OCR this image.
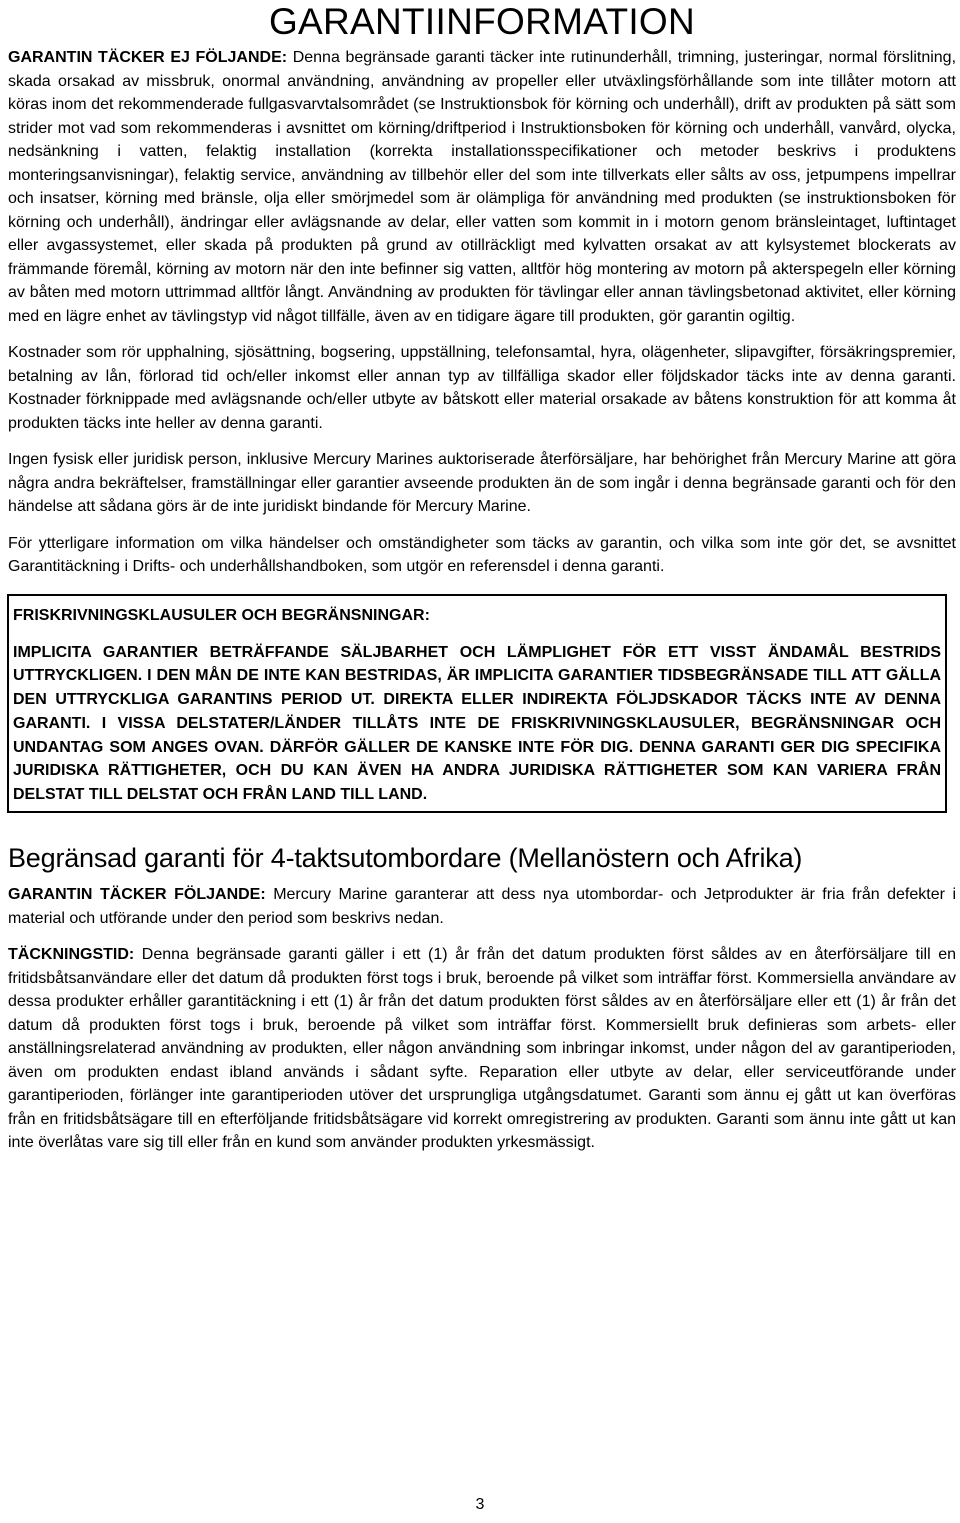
GARANTIINFORMATION

GARANTIN TÄCKER EJ FÖLJANDE: Denna begränsade garanti täcker inte rutinunderhåll, trimning, justeringar, normal förslitning, skada orsakad av missbruk, onormal användning, användning av propeller eller utväxlingsförhållande som inte tillåter motorn att köras inom det rekommenderade fullgasvarvtalsområdet (se Instruktionsbok för körning och underhåll), drift av produkten på sätt som strider mot vad som rekommenderas i avsnittet om körning/driftperiod i Instruktionsboken för körning och underhåll, vanvård, olycka, nedsänkning i vatten, felaktig installation (korrekta installationsspecifikationer och metoder beskrivs i produktens monteringsanvisningar), felaktig service, användning av tillbehör eller del som inte tillverkats eller sålts av oss, jetpumpens impellrar och insatser, körning med bränsle, olja eller smörjmedel som är olämpliga för användning med produkten (se instruktionsboken för körning och underhåll), ändringar eller avlägsnande av delar, eller vatten som kommit in i motorn genom bränsleintaget, luftintaget eller avgassystemet, eller skada på produkten på grund av otillräckligt med kylvatten orsakat av att kylsystemet blockerats av främmande föremål, körning av motorn när den inte befinner sig vatten, alltför hög montering av motorn på akterspegeln eller körning av båten med motorn uttrimmad alltför långt. Användning av produkten för tävlingar eller annan tävlingsbetonad aktivitet, eller körning med en lägre enhet av tävlingstyp vid något tillfälle, även av en tidigare ägare till produkten, gör garantin ogiltig.

Kostnader som rör upphalning, sjösättning, bogsering, uppställning, telefonsamtal, hyra, olägenheter, slipavgifter, försäkringspremier, betalning av lån, förlorad tid och/eller inkomst eller annan typ av tillfälliga skador eller följdskador täcks inte av denna garanti. Kostnader förknippade med avlägsnande och/eller utbyte av båtskott eller material orsakade av båtens konstruktion för att komma åt produkten täcks inte heller av denna garanti.

Ingen fysisk eller juridisk person, inklusive Mercury Marines auktoriserade återförsäljare, har behörighet från Mercury Marine att göra några andra bekräftelser, framställningar eller garantier avseende produkten än de som ingår i denna begränsade garanti och för den händelse att sådana görs är de inte juridiskt bindande för Mercury Marine.

För ytterligare information om vilka händelser och omständigheter som täcks av garantin, och vilka som inte gör det, se avsnittet Garantitäckning i Drifts- och underhållshandboken, som utgör en referensdel i denna garanti.

FRISKRIVNINGSKLAUSULER OCH BEGRÄNSNINGAR:

IMPLICITA GARANTIER BETRÄFFANDE SÄLJBARHET OCH LÄMPLIGHET FÖR ETT VISST ÄNDAMÅL BESTRIDS UTTRYCKLIGEN. I DEN MÅN DE INTE KAN BESTRIDAS, ÄR IMPLICITA GARANTIER TIDSBEGRÄNSADE TILL ATT GÄLLA DEN UTTRYCKLIGA GARANTINS PERIOD UT. DIREKTA ELLER INDIREKTA FÖLJDSKADOR TÄCKS INTE AV DENNA GARANTI. I VISSA DELSTATER/LÄNDER TILLÅTS INTE DE FRISKRIVNINGSKLAUSULER, BEGRÄNSNINGAR OCH UNDANTAG SOM ANGES OVAN. DÄRFÖR GÄLLER DE KANSKE INTE FÖR DIG. DENNA GARANTI GER DIG SPECIFIKA JURIDISKA RÄTTIGHETER, OCH DU KAN ÄVEN HA ANDRA JURIDISKA RÄTTIGHETER SOM KAN VARIERA FRÅN DELSTAT TILL DELSTAT OCH FRÅN LAND TILL LAND.

Begränsad garanti för 4-taktsutombordare (Mellanöstern och Afrika)

GARANTIN TÄCKER FÖLJANDE: Mercury Marine garanterar att dess nya utombordar- och Jetprodukter är fria från defekter i material och utförande under den period som beskrivs nedan.

TÄCKNINGSTID: Denna begränsade garanti gäller i ett (1) år från det datum produkten först såldes av en återförsäljare till en fritidsbåtsanvändare eller det datum då produkten först togs i bruk, beroende på vilket som inträffar först. Kommersiella användare av dessa produkter erhåller garantitäckning i ett (1) år från det datum produkten först såldes av en återförsäljare eller ett (1) år från det datum då produkten först togs i bruk, beroende på vilket som inträffar först. Kommersiellt bruk definieras som arbets- eller anställningsrelaterad användning av produkten, eller någon användning som inbringar inkomst, under någon del av garantiperioden, även om produkten endast ibland används i sådant syfte. Reparation eller utbyte av delar, eller serviceutförande under garantiperioden, förlänger inte garantiperioden utöver det ursprungliga utgångsdatumet. Garanti som ännu ej gått ut kan överföras från en fritidsbåtsägare till en efterföljande fritidsbåtsägare vid korrekt omregistrering av produkten. Garanti som ännu inte gått ut kan inte överlåtas vare sig till eller från en kund som använder produkten yrkesmässigt.

3
